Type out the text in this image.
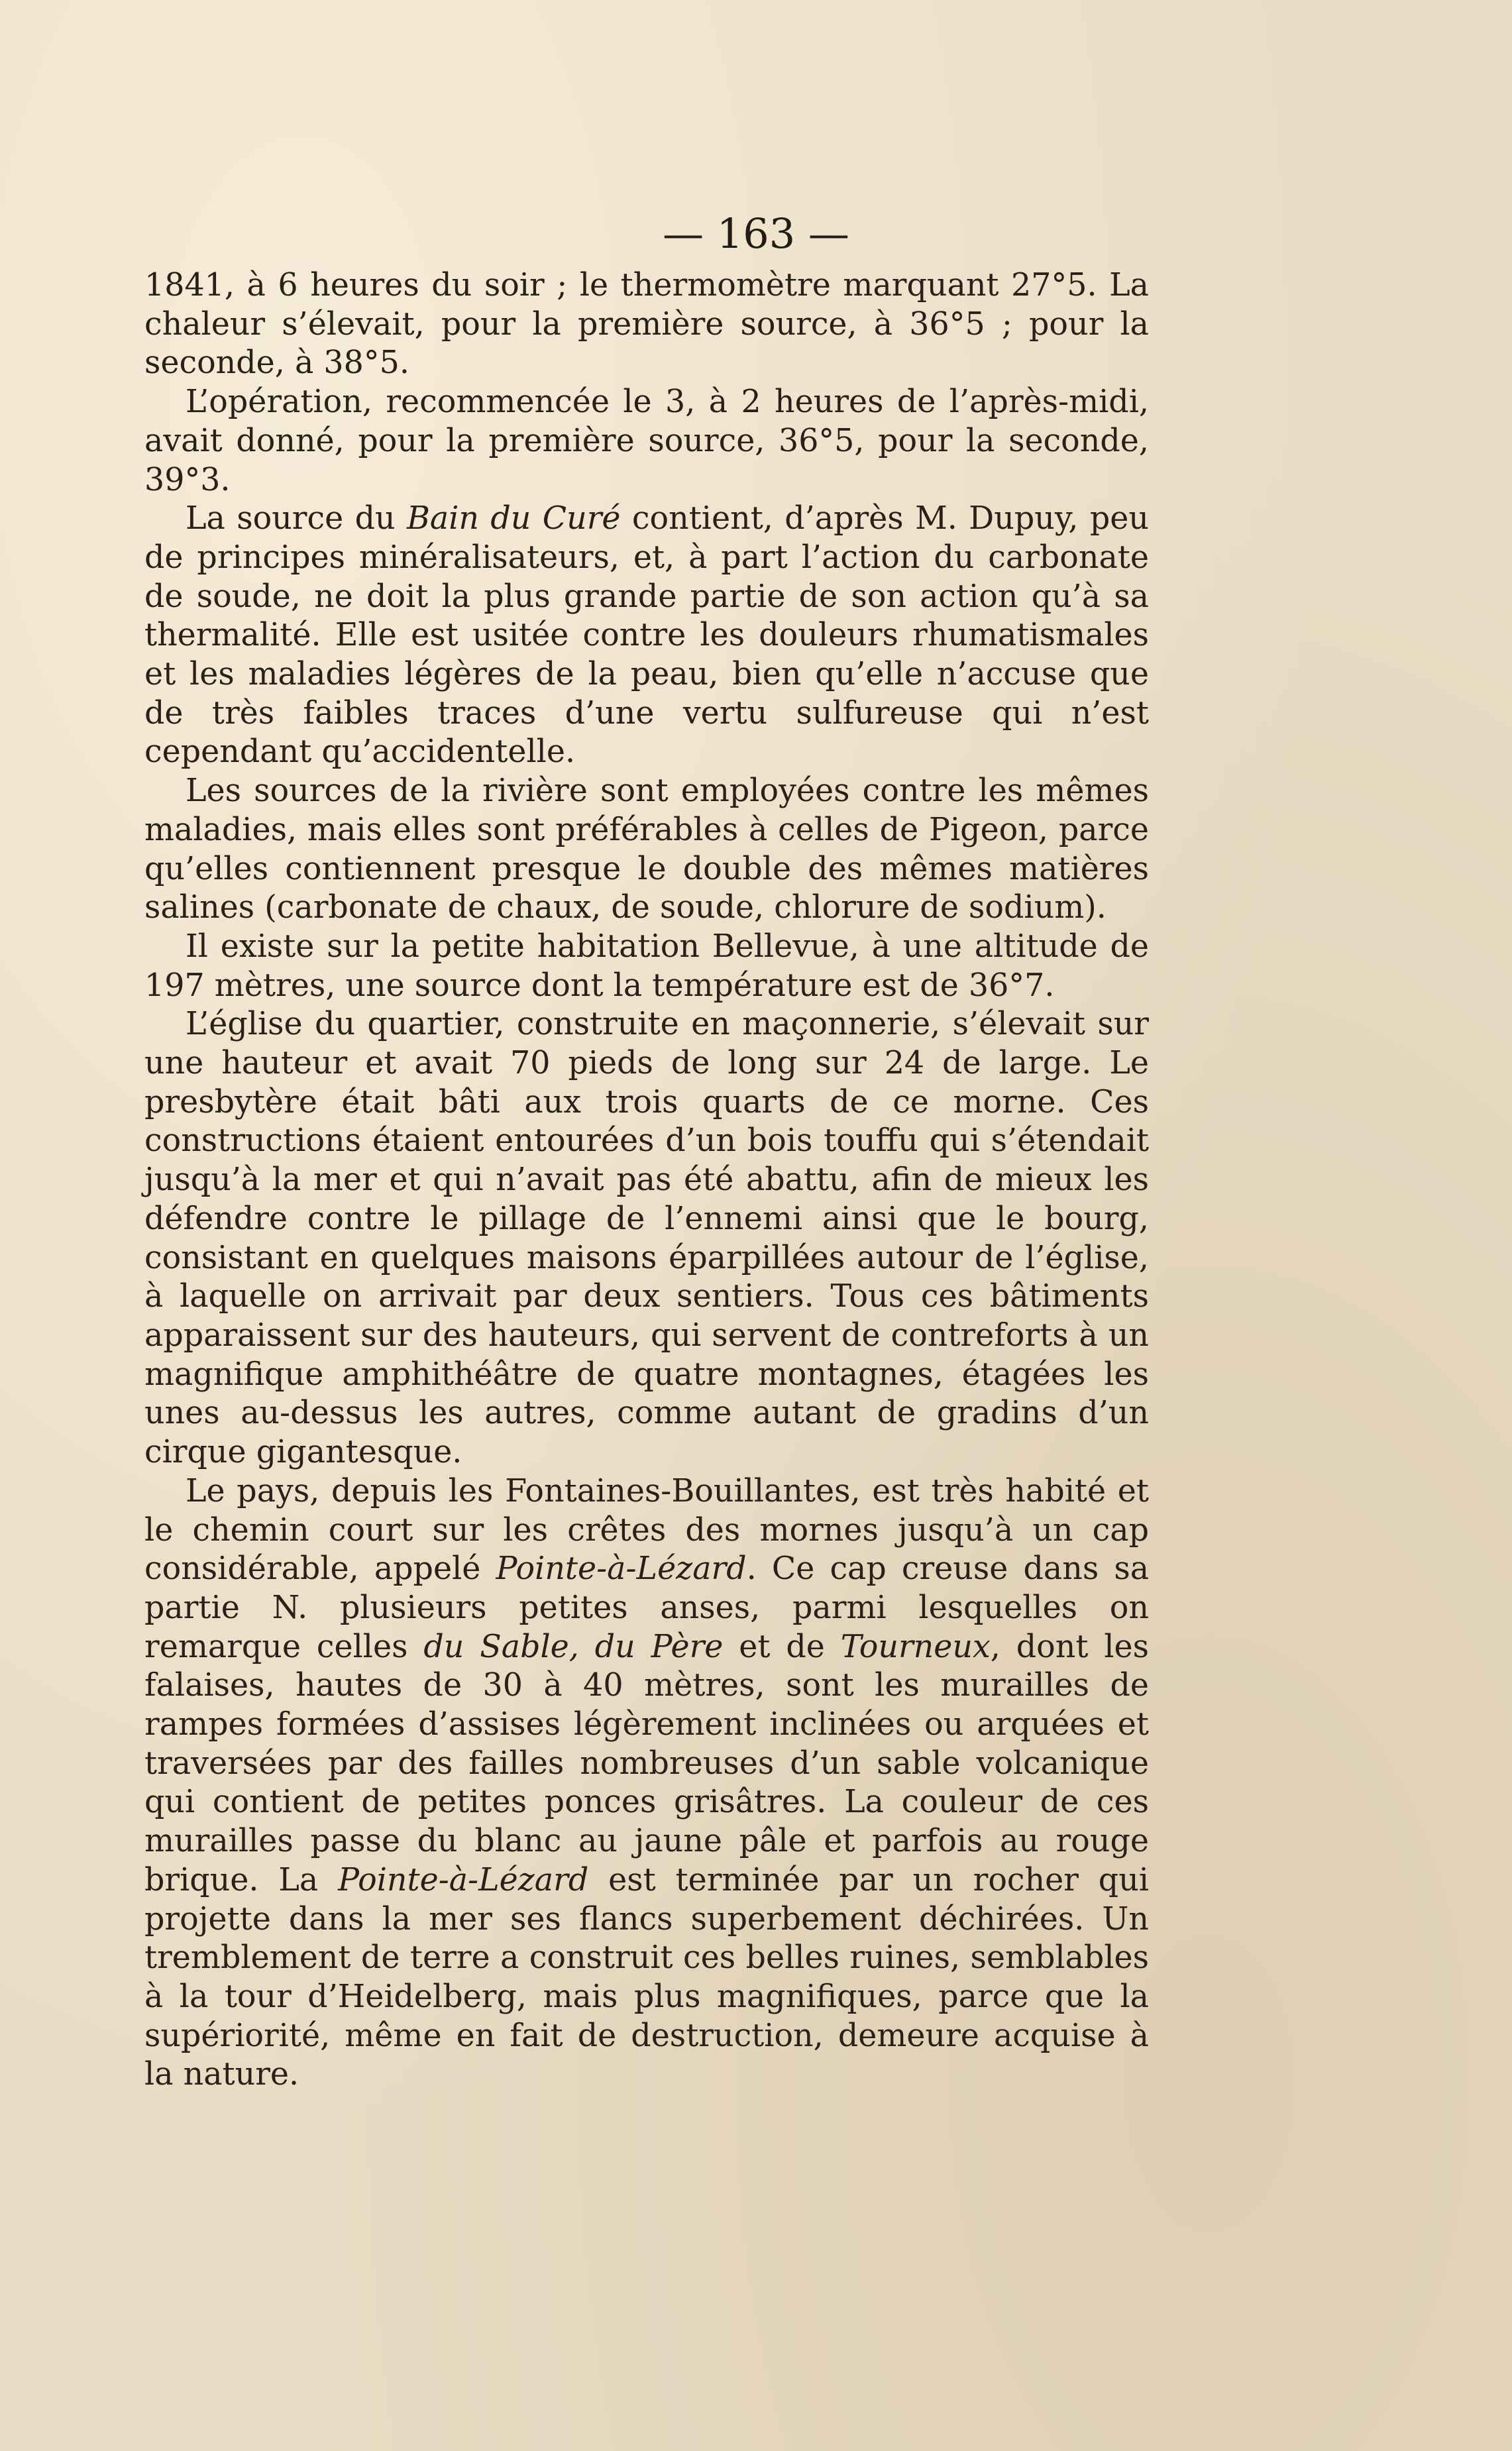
— 163 —

1841, à 6 heures du soir ; le thermomètre marquant 27°5. La chaleur s’élevait, pour la première source, à 36°5 ; pour la seconde, à 38°5.

L’opération, recommencée le 3, à 2 heures de l’après-midi, avait donné, pour la première source, 36°5, pour la seconde, 39°3.

La source du Bain du Curé contient, d’après M. Dupuy, peu de principes minéralisateurs, et, à part l’action du carbonate de soude, ne doit la plus grande partie de son action qu’à sa thermalité. Elle est usitée contre les douleurs rhumatismales et les maladies légères de la peau, bien qu’elle n’accuse que de très faibles traces d’une vertu sulfureuse qui n’est cependant qu’accidentelle.

Les sources de la rivière sont employées contre les mêmes maladies, mais elles sont préférables à celles de Pigeon, parce qu’elles contiennent presque le double des mêmes matières salines (carbonate de chaux, de soude, chlorure de sodium).

Il existe sur la petite habitation Bellevue, à une altitude de 197 mètres, une source dont la température est de 36°7.

L’église du quartier, construite en maçonnerie, s’élevait sur une hauteur et avait 70 pieds de long sur 24 de large. Le presbytère était bâti aux trois quarts de ce morne. Ces constructions étaient entourées d’un bois touffu qui s’étendait jusqu’à la mer et qui n’avait pas été abattu, afin de mieux les défendre contre le pillage de l’ennemi ainsi que le bourg, consistant en quelques maisons éparpillées autour de l’église, à laquelle on arrivait par deux sentiers. Tous ces bâtiments apparaissent sur des hauteurs, qui servent de contreforts à un magnifique amphithéâtre de quatre montagnes, étagées les unes au-dessus les autres, comme autant de gradins d’un cirque gigantesque.

Le pays, depuis les Fontaines-Bouillantes, est très habité et le chemin court sur les crêtes des mornes jusqu’à un cap considérable, appelé Pointe-à-Lézard. Ce cap creuse dans sa partie N. plusieurs petites anses, parmi lesquelles on remarque celles du Sable, du Père et de Tourneux, dont les falaises, hautes de 30 à 40 mètres, sont les murailles de rampes formées d’assises légèrement inclinées ou arquées et traversées par des failles nombreuses d’un sable volcanique qui contient de petites ponces grisâtres. La couleur de ces murailles passe du blanc au jaune pâle et parfois au rouge brique. La Pointe-à-Lézard est terminée par un rocher qui projette dans la mer ses flancs superbement déchirées. Un tremblement de terre a construit ces belles ruines, semblables à la tour d’Heidelberg, mais plus magnifiques, parce que la supériorité, même en fait de destruction, demeure acquise à la nature.
